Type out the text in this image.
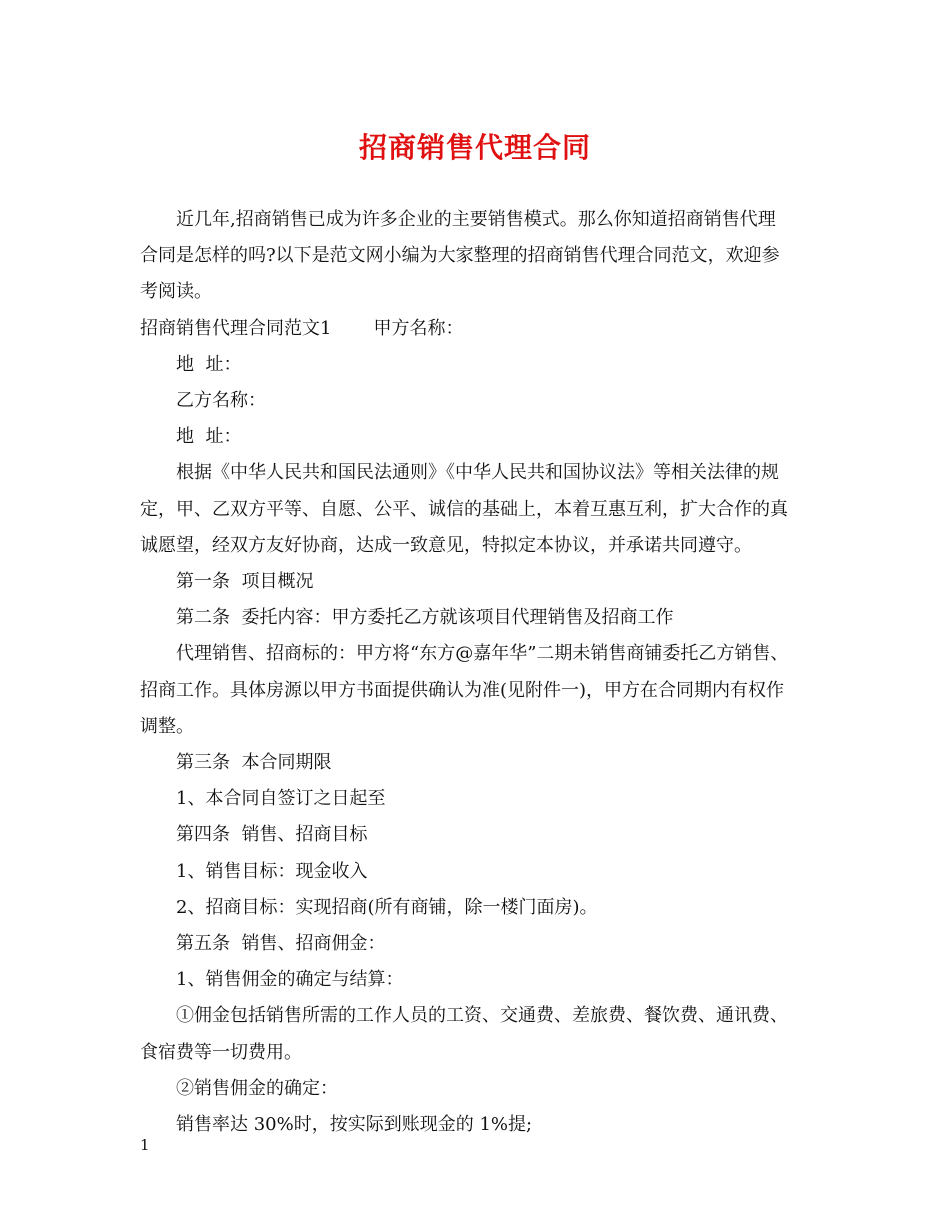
招商销售代理合同
近几年,招商销售已成为许多企业的主要销售模式。那么你知道招商销售代理
合同是怎样的吗?以下是范文网小编为大家整理的招商销售代理合同范文，欢迎参
考阅读。
招商销售代理合同范文1 甲方名称：
地  址：
乙方名称：
地  址：
根据《中华人民共和国民法通则》《中华人民共和国协议法》等相关法律的规
定，甲、乙双方平等、自愿、公平、诚信的基础上，本着互惠互利，扩大合作的真
诚愿望，经双方友好协商，达成一致意见，特拟定本协议，并承诺共同遵守。
第一条  项目概况
第二条  委托内容：甲方委托乙方就该项目代理销售及招商工作
代理销售、招商标的：甲方将“东方@嘉年华”二期未销售商铺委托乙方销售、
招商工作。具体房源以甲方书面提供确认为准(见附件一)，甲方在合同期内有权作
调整。
第三条  本合同期限
1、本合同自签订之日起至
第四条  销售、招商目标
1、销售目标：现金收入
2、招商目标：实现招商(所有商铺，除一楼门面房)。
第五条  销售、招商佣金：
1、销售佣金的确定与结算：
①佣金包括销售所需的工作人员的工资、交通费、差旅费、餐饮费、通讯费、
食宿费等一切费用。
②销售佣金的确定：
销售率达 30%时，按实际到账现金的 1%提;
1
